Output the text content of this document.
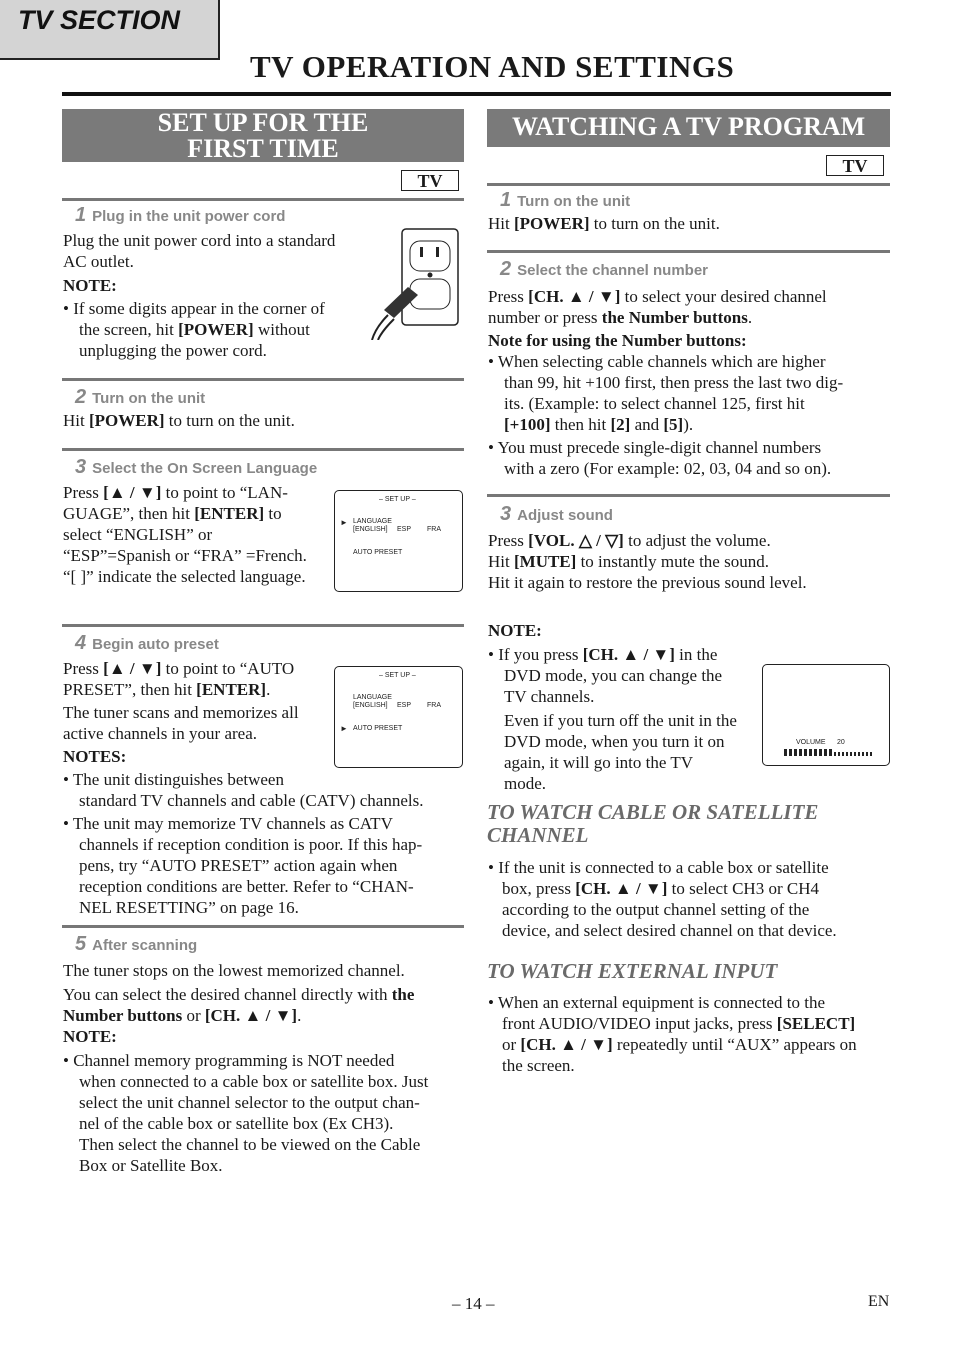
TV SECTION
TV OPERATION AND SETTINGS
SET UP FOR THE
FIRST TIME
TV
1 Plug in the unit power cord
Plug the unit power cord into a standard
AC outlet.
NOTE:
• If some digits appear in the corner of
the screen, hit [POWER] without
unplugging the power cord.
2 Turn on the unit
Hit [POWER] to turn on the unit.
3 Select the On Screen Language
Press [▲ / ▼] to point to “LAN-
GUAGE”, then hit [ENTER] to
select “ENGLISH” or
“ESP”=Spanish or “FRA” =French.
“[ ]” indicate the selected language.
– SET UP –
► LANGUAGE
[ENGLISH] ESP FRA
AUTO PRESET
4 Begin auto preset
Press [▲ / ▼] to point to “AUTO
PRESET”, then hit [ENTER].
The tuner scans and memorizes all
active channels in your area.
NOTES:
• The unit distinguishes between
standard TV channels and cable (CATV) channels.
• The unit may memorize TV channels as CATV
channels if reception condition is poor. If this hap-
pens, try “AUTO PRESET” action again when
reception conditions are better. Refer to “CHAN-
NEL RESETTING” on page 16.
– SET UP –
LANGUAGE
[ENGLISH] ESP FRA
► AUTO PRESET
5 After scanning
The tuner stops on the lowest memorized channel.
You can select the desired channel directly with the
Number buttons or [CH. ▲ / ▼].
NOTE:
• Channel memory programming is NOT needed
when connected to a cable box or satellite box. Just
select the unit channel selector to the output chan-
nel of the cable box or satellite box (Ex CH3).
Then select the channel to be viewed on the Cable
Box or Satellite Box.
WATCHING A TV PROGRAM
TV
1 Turn on the unit
Hit [POWER] to turn on the unit.
2 Select the channel number
Press [CH. ▲ / ▼] to select your desired channel
number or press the Number buttons.
Note for using the Number buttons:
• When selecting cable channels which are higher
than 99, hit +100 first, then press the last two dig-
its. (Example: to select channel 125, first hit
[+100] then hit [2] and [5]).
• You must precede single-digit channel numbers
with a zero (For example: 02, 03, 04 and so on).
3 Adjust sound
Press [VOL. △ / ▽] to adjust the volume.
Hit [MUTE] to instantly mute the sound.
Hit it again to restore the previous sound level.
NOTE:
• If you press [CH. ▲ / ▼] in the
DVD mode, you can change the
TV channels.
Even if you turn off the unit in the
DVD mode, when you turn it on
again, it will go into the TV
mode.
VOLUME 20
TO WATCH CABLE OR SATELLITE
CHANNEL
• If the unit is connected to a cable box or satellite
box, press [CH. ▲ / ▼] to select CH3 or CH4
according to the output channel setting of the
device, and select desired channel on that device.
TO WATCH EXTERNAL INPUT
• When an external equipment is connected to the
front AUDIO/VIDEO input jacks, press [SELECT]
or [CH. ▲ / ▼] repeatedly until “AUX” appears on
the screen.
– 14 –	EN
